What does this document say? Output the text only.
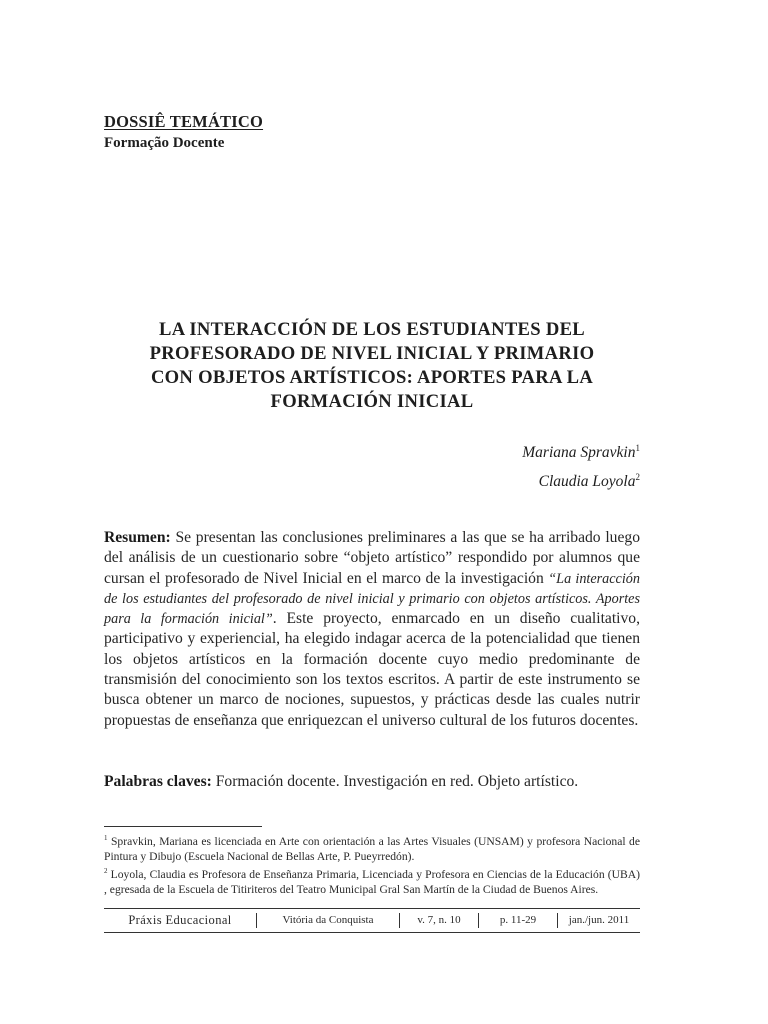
DOSSIÊ TEMÁTICO
Formação Docente
LA INTERACCIÓN DE LOS ESTUDIANTES DEL
PROFESORADO DE NIVEL INICIAL Y PRIMARIO
CON OBJETOS ARTÍSTICOS: APORTES PARA LA
FORMACIÓN INICIAL
Mariana Spravkin$^1$
Claudia Loyola$^2$
Resumen: Se presentan las conclusiones preliminares a las que se ha arribado luego del análisis de un cuestionario sobre “objeto artístico” respondido por alumnos que cursan el profesorado de Nivel Inicial en el marco de la investigación “La interacción de los estudiantes del profesorado de nivel inicial y primario con objetos artísticos. Aportes para la formación inicial”. Este proyecto, enmarcado en un diseño cualitativo, participativo y experiencial, ha elegido indagar acerca de la potencialidad que tienen los objetos artísticos en la formación docente cuyo medio predominante de transmisión del conocimiento son los textos escritos. A partir de este instrumento se busca obtener un marco de nociones, supuestos, y prácticas desde las cuales nutrir propuestas de enseñanza que enriquezcan el universo cultural de los futuros docentes.
Palabras claves: Formación docente. Investigación en red. Objeto artístico.

$^1$ Spravkin, Mariana es licenciada en Arte con orientación a las Artes Visuales (UNSAM) y profesora Nacional de Pintura y Dibujo (Escuela Nacional de Bellas Arte, P. Pueyrredón).

$^2$ Loyola, Claudia es Profesora de Enseñanza Primaria, Licenciada y Profesora en Ciencias de la Educación (UBA) , egresada de la Escuela de Titiriteros del Teatro Municipal Gral San Martín de la Ciudad de Buenos Aires.

Práxis Educacional	Vitória da Conquista	v. 7, n. 10	p. 11-29	jan./jun. 2011
